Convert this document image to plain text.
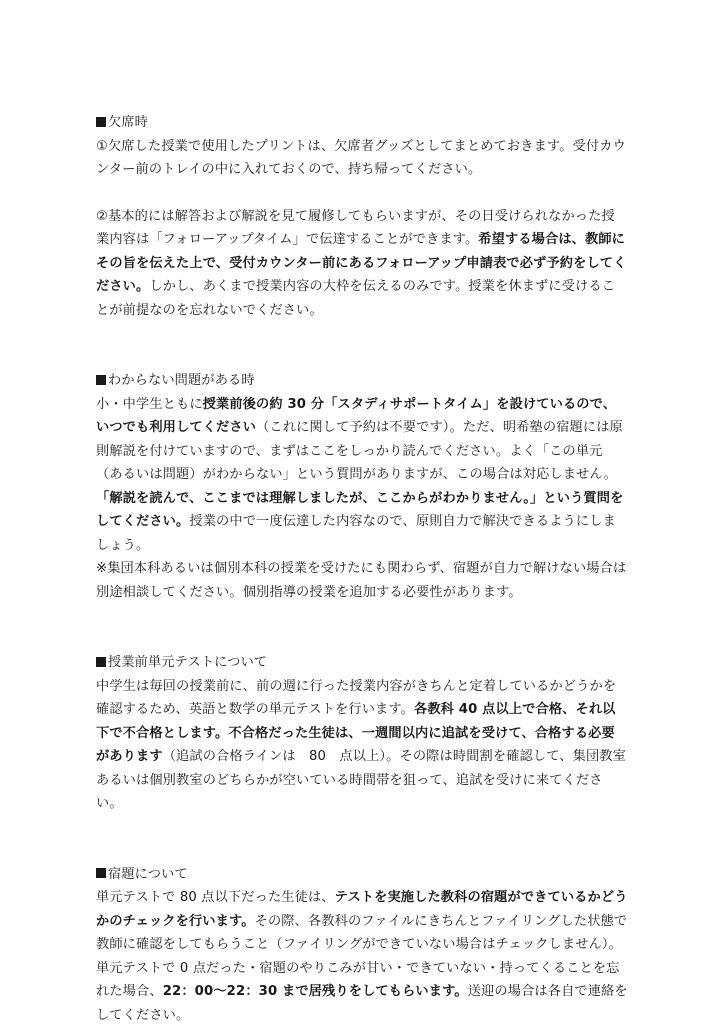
欠席時

①欠席した授業で使用したプリントは、欠席者グッズとしてまとめておきます。受付カウンター前のトレイの中に入れておくので、持ち帰ってください。

②基本的には解答および解説を見て履修してもらいますが、その日受けられなかった授業内容は「フォローアップタイム」で伝達することができます。希望する場合は、教師にその旨を伝えた上で、受付カウンター前にあるフォローアップ申請表で必ず予約をしてください。しかし、あくまで授業内容の大枠を伝えるのみです。授業を休まずに受けることが前提なのを忘れないでください。

わからない問題がある時

小・中学生ともに授業前後の約 30 分「スタディサポートタイム」を設けているので、いつでも利用してください（これに関して予約は不要です）。ただ、明希塾の宿題には原則解説を付けていますので、まずはここをしっかり読んでください。よく「この単元（あるいは問題）がわからない」という質問がありますが、この場合は対応しません。「解説を読んで、ここまでは理解しましたが、ここからがわかりません。」という質問をしてください。授業の中で一度伝達した内容なので、原則自力で解決できるようにしましょう。

※集団本科あるいは個別本科の授業を受けたにも関わらず、宿題が自力で解けない場合は別途相談してください。個別指導の授業を追加する必要性があります。

授業前単元テストについて

中学生は毎回の授業前に、前の週に行った授業内容がきちんと定着しているかどうかを確認するため、英語と数学の単元テストを行います。各教科 40 点以上で合格、それ以下で不合格とします。不合格だった生徒は、一週間以内に追試を受けて、合格する必要があります（追試の合格ラインは　80　点以上）。その際は時間割を確認して、集団教室あるいは個別教室のどちらかが空いている時間帯を狙って、追試を受けに来てください。

宿題について

単元テストで 80 点以下だった生徒は、テストを実施した教科の宿題ができているかどうかのチェックを行います。その際、各教科のファイルにきちんとファイリングした状態で教師に確認をしてもらうこと（ファイリングができていない場合はチェックしません）。単元テストで 0 点だった・宿題のやりこみが甘い・できていない・持ってくることを忘れた場合、22：00〜22：30 まで居残りをしてもらいます。送迎の場合は各自で連絡をしてください。
